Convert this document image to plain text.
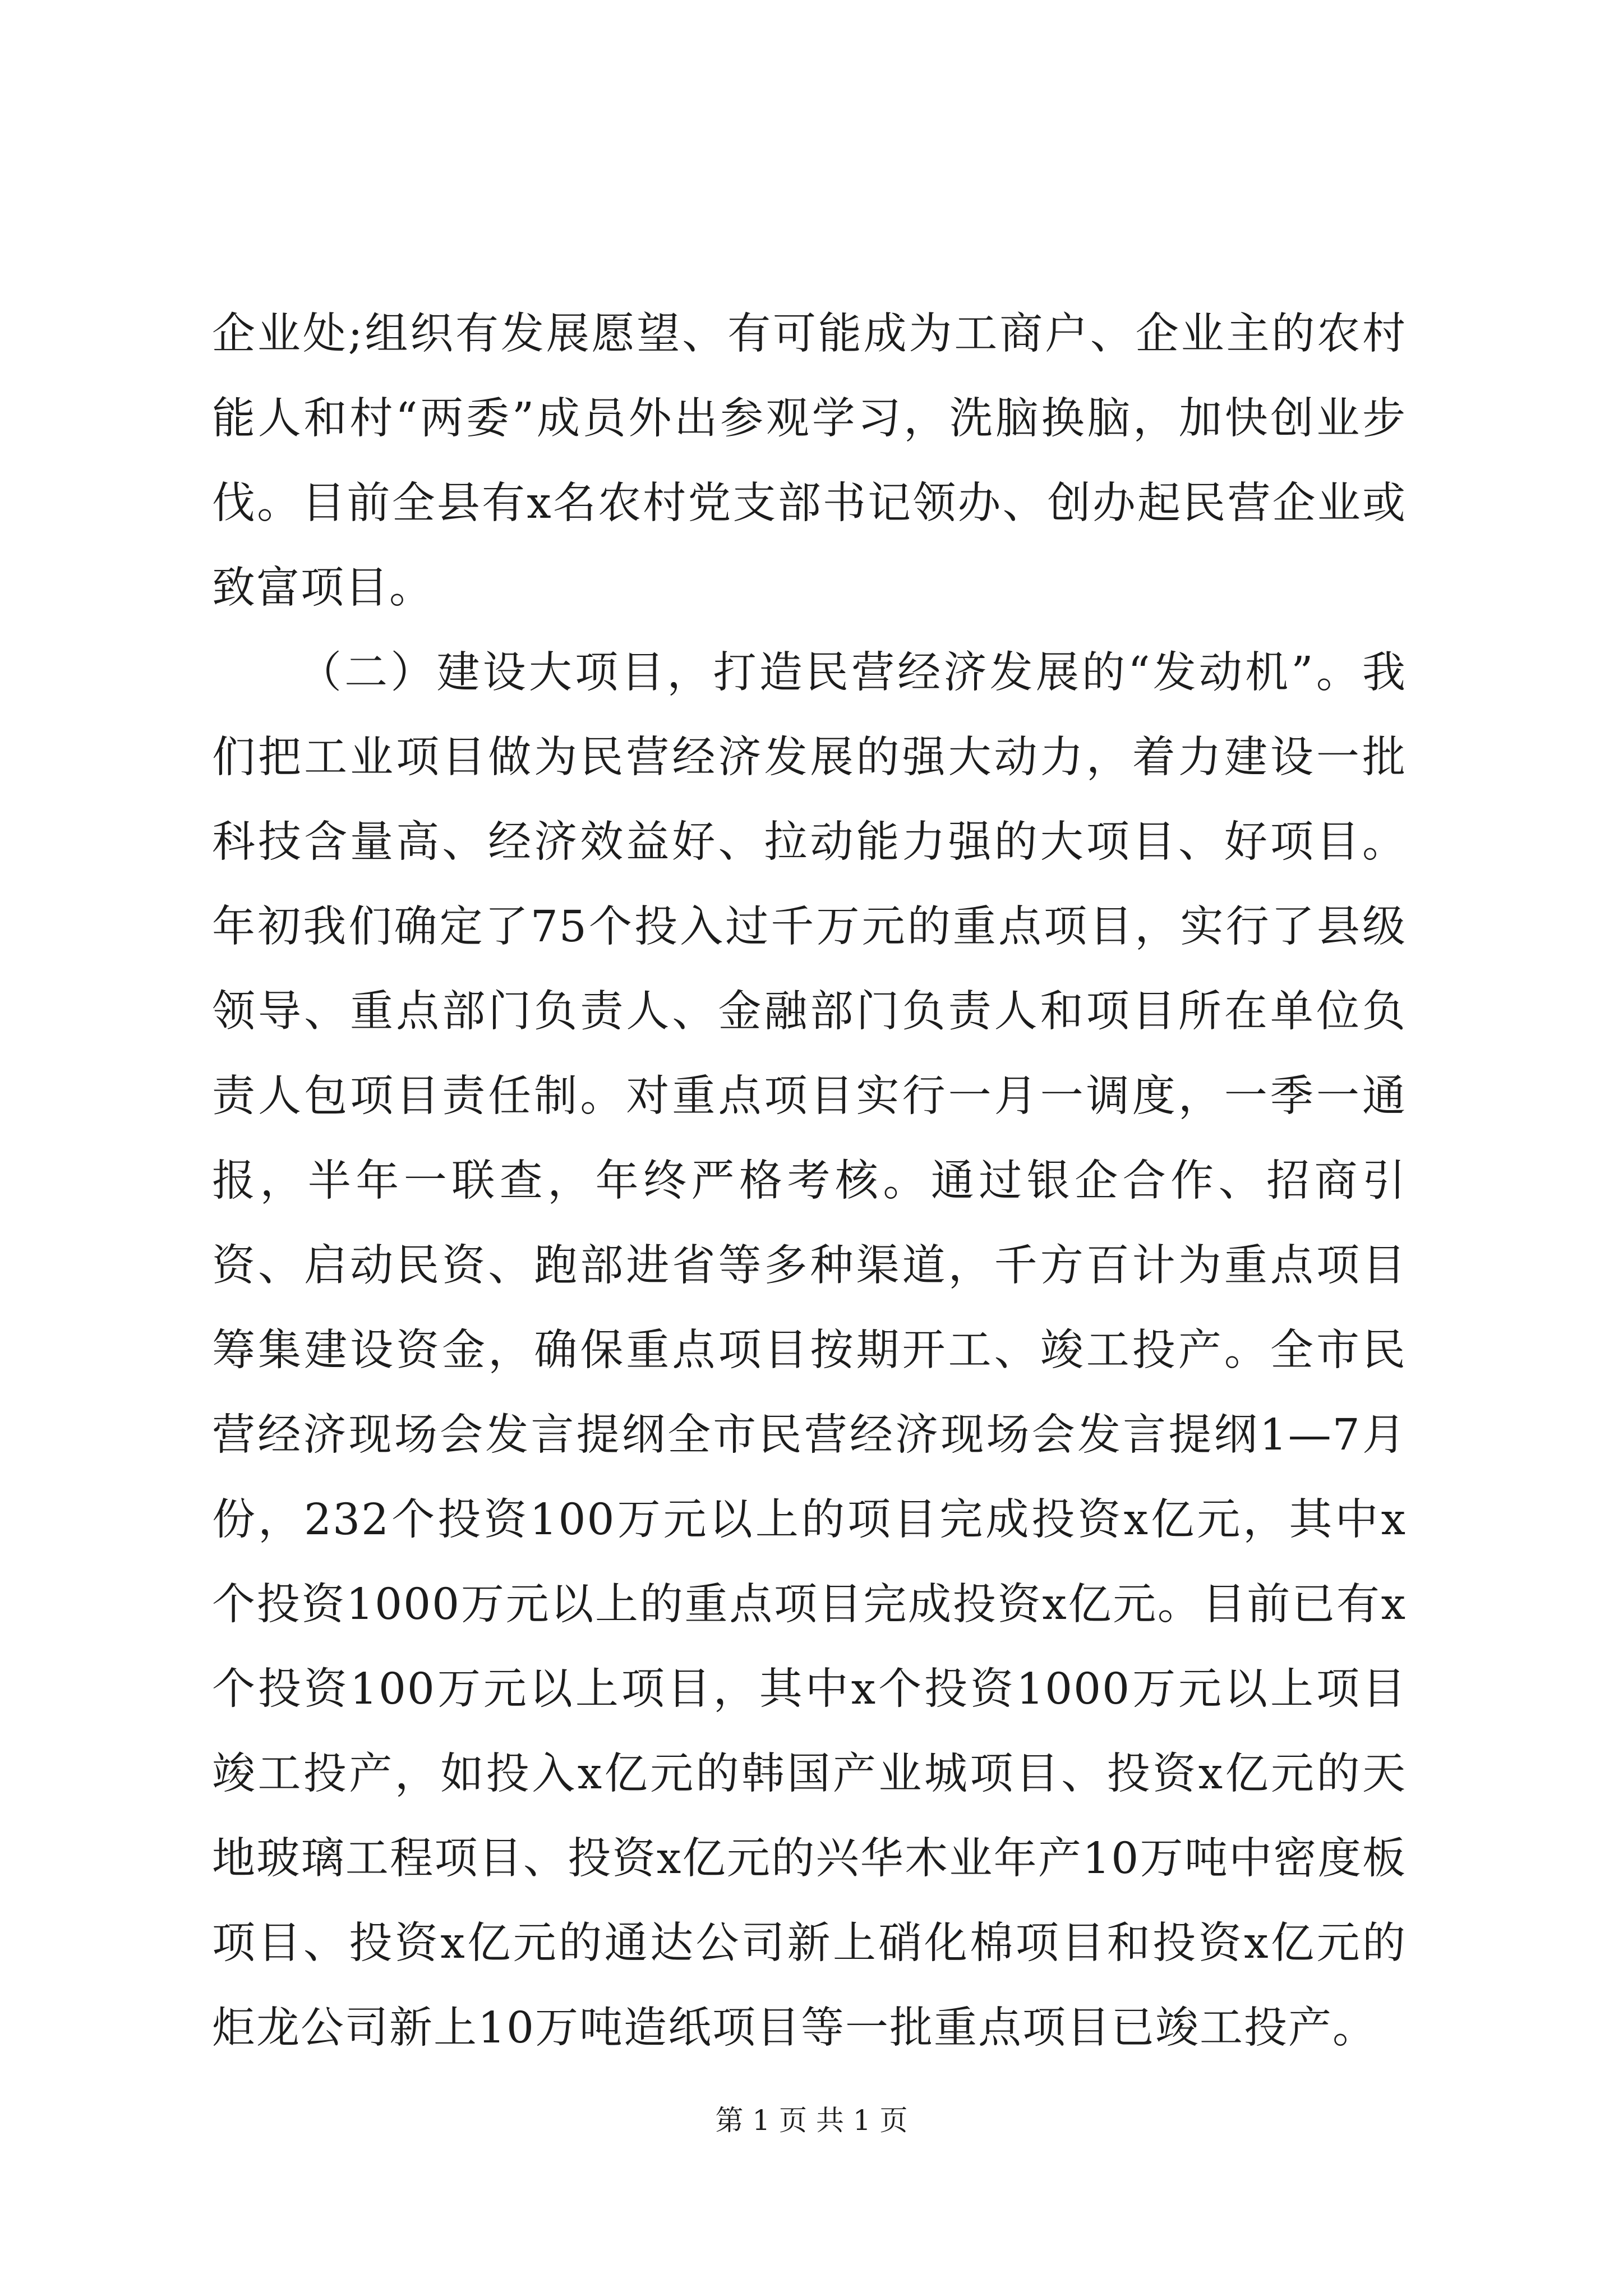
企业处;组织有发展愿望、有可能成为工商户、企业主的农村能人和村“两委”成员外出参观学习，洗脑换脑，加快创业步伐。目前全县有x名农村党支部书记领办、创办起民营企业或致富项目。

（二）建设大项目，打造民营经济发展的“发动机”。我们把工业项目做为民营经济发展的强大动力，着力建设一批科技含量高、经济效益好、拉动能力强的大项目、好项目。年初我们确定了75个投入过千万元的重点项目，实行了县级领导、重点部门负责人、金融部门负责人和项目所在单位负责人包项目责任制。对重点项目实行一月一调度，一季一通报，半年一联查，年终严格考核。通过银企合作、招商引资、启动民资、跑部进省等多种渠道，千方百计为重点项目筹集建设资金，确保重点项目按期开工、竣工投产。全市民营经济现场会发言提纲全市民营经济现场会发言提纲1—7月份，232个投资100万元以上的项目完成投资x亿元，其中x个投资1000万元以上的重点项目完成投资x亿元。目前已有x个投资100万元以上项目，其中x个投资1000万元以上项目竣工投产，如投入x亿元的韩国产业城项目、投资x亿元的天地玻璃工程项目、投资x亿元的兴华木业年产10万吨中密度板项目、投资x亿元的通达公司新上硝化棉项目和投资x亿元的炬龙公司新上10万吨造纸项目等一批重点项目已竣工投产。

第 1 页 共 1 页
